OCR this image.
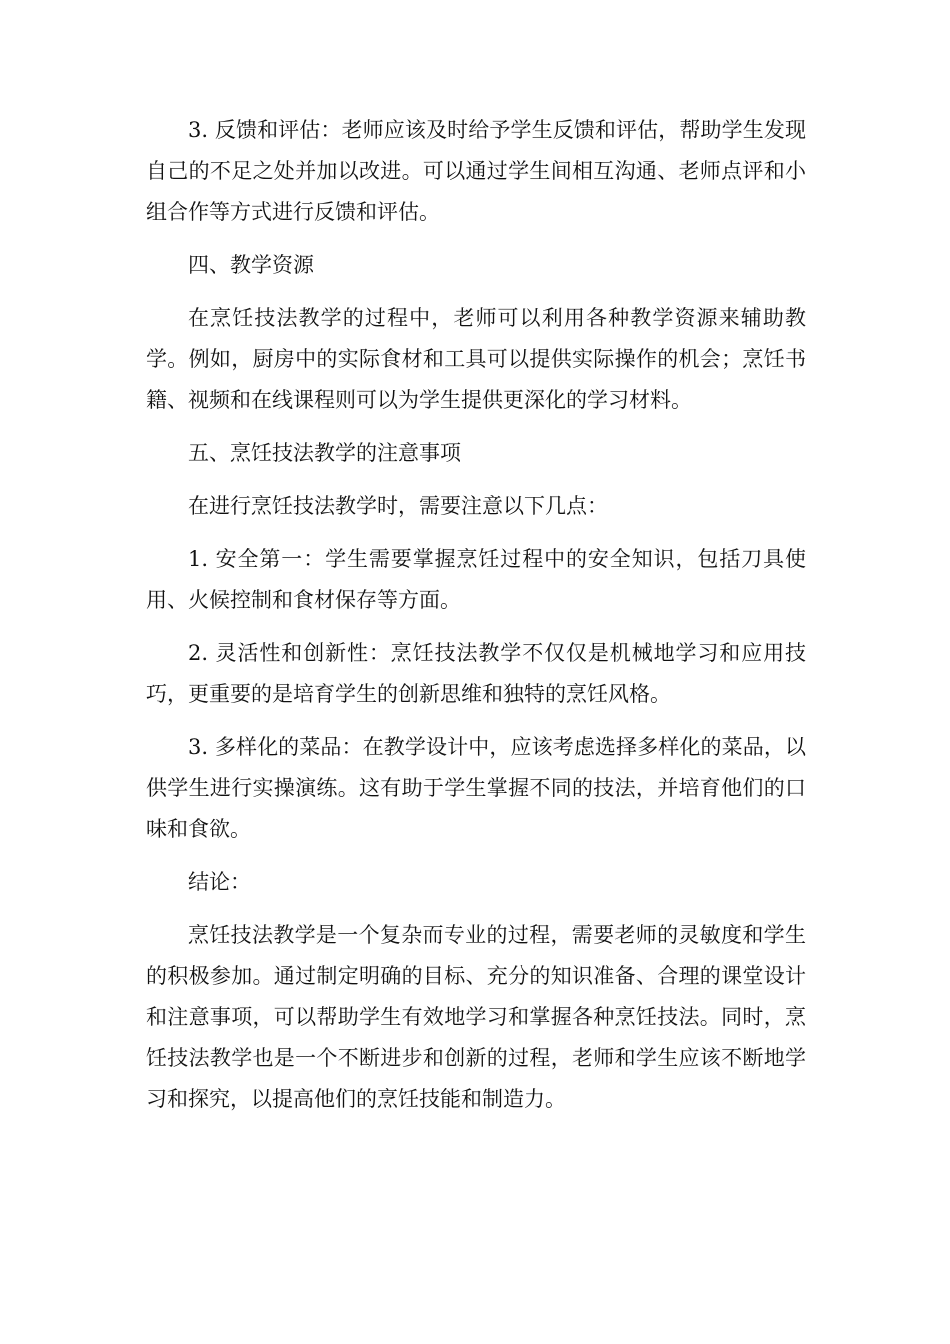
3. 反馈和评估：老师应该及时给予学生反馈和评估，帮助学生发现自己的不足之处并加以改进。可以通过学生间相互沟通、老师点评和小组合作等方式进行反馈和评估。

四、教学资源

在烹饪技法教学的过程中，老师可以利用各种教学资源来辅助教学。例如，厨房中的实际食材和工具可以提供实际操作的机会；烹饪书籍、视频和在线课程则可以为学生提供更深化的学习材料。

五、烹饪技法教学的注意事项

在进行烹饪技法教学时，需要注意以下几点：

1. 安全第一：学生需要掌握烹饪过程中的安全知识，包括刀具使用、火候控制和食材保存等方面。

2. 灵活性和创新性：烹饪技法教学不仅仅是机械地学习和应用技巧，更重要的是培育学生的创新思维和独特的烹饪风格。

3. 多样化的菜品：在教学设计中，应该考虑选择多样化的菜品，以供学生进行实操演练。这有助于学生掌握不同的技法，并培育他们的口味和食欲。

结论：

烹饪技法教学是一个复杂而专业的过程，需要老师的灵敏度和学生的积极参加。通过制定明确的目标、充分的知识准备、合理的课堂设计和注意事项，可以帮助学生有效地学习和掌握各种烹饪技法。同时，烹饪技法教学也是一个不断进步和创新的过程，老师和学生应该不断地学习和探究，以提高他们的烹饪技能和制造力。
